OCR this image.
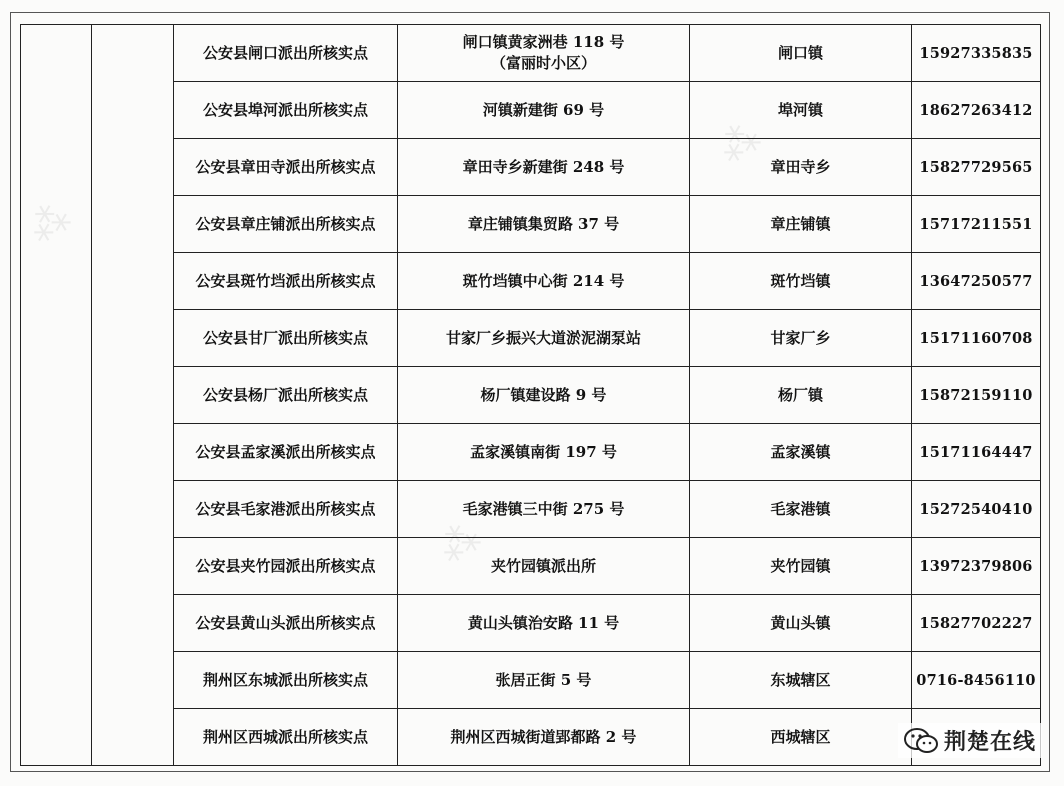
⁂
⁂
⁂
		公安县闸口派出所核实点	闸口镇黄家洲巷 118 号
（富丽时小区）	闸口镇	15927335835
		公安县埠河派出所核实点	河镇新建街 69 号	埠河镇	18627263412
		公安县章田寺派出所核实点	章田寺乡新建街 248 号	章田寺乡	15827729565
		公安县章庄铺派出所核实点	章庄铺镇集贸路 37 号	章庄铺镇	15717211551
		公安县斑竹垱派出所核实点	斑竹垱镇中心街 214 号	斑竹垱镇	13647250577
		公安县甘厂派出所核实点	甘家厂乡振兴大道淤泥湖泵站	甘家厂乡	15171160708
		公安县杨厂派出所核实点	杨厂镇建设路 9 号	杨厂镇	15872159110
		公安县孟家溪派出所核实点	孟家溪镇南街 197 号	孟家溪镇	15171164447
		公安县毛家港派出所核实点	毛家港镇三中街 275 号	毛家港镇	15272540410
		公安县夹竹园派出所核实点	夹竹园镇派出所	夹竹园镇	13972379806
		公安县黄山头派出所核实点	黄山头镇治安路 11 号	黄山头镇	15827702227
		荆州区东城派出所核实点	张居正街 5 号	东城辖区	0716-8456110
		荆州区西城派出所核实点	荆州区西城街道郢都路 2 号	西城辖区		荆楚在线
